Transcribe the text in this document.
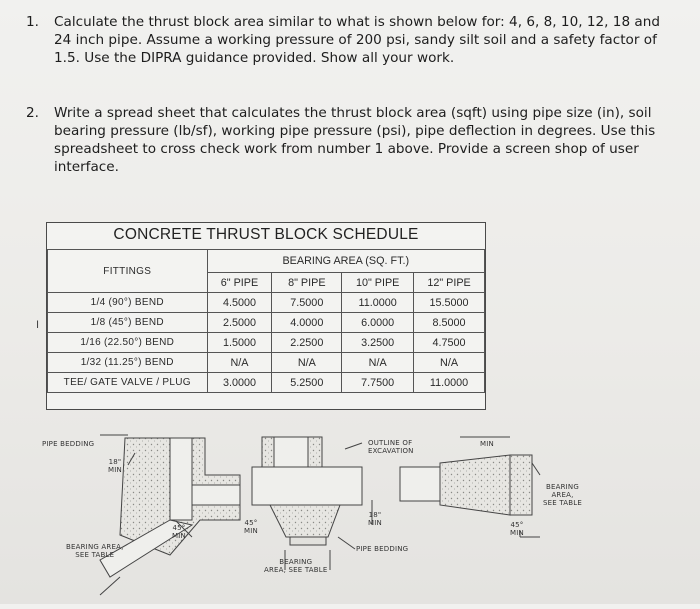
1. Calculate the thrust block area similar to what is shown below for: 4, 6, 8, 10, 12, 18 and
24 inch pipe. Assume a working pressure of 200 psi, sandy silt soil and a safety factor of
1.5. Use the DIPRA guidance provided. Show all your work.
2. Write a spread sheet that calculates the thrust block area (sqft) using pipe size (in), soil
bearing pressure (lb/sf), working pipe pressure (psi), pipe deflection in degrees. Use this
spreadsheet to cross check work from number 1 above. Provide a screen shop of user
interface.
I
CONCRETE THRUST BLOCK SCHEDULE
FITTINGS	BEARING AREA (SQ. FT.)			
	6" PIPE	8" PIPE	10" PIPE	12" PIPE
1/4 (90°) BEND	4.5000	7.5000	11.0000	15.5000
1/8 (45°) BEND	2.5000	4.0000	6.0000	8.5000
1/16 (22.50°) BEND	1.5000	2.2500	3.2500	4.7500
1/32 (11.25°) BEND	N/A	N/A	N/A	N/A
TEE/ GATE VALVE / PLUG	3.0000	5.2500	7.7500	11.0000
PIPE BEDDING
18"
MIN
45°
MIN
BEARING AREA,
SEE TABLE
45°
MIN
OUTLINE OF
EXCAVATION
18"
MIN
PIPE BEDDING
BEARING
AREA, SEE TABLE
MIN
BEARING
AREA,
SEE TABLE
45°
MIN
